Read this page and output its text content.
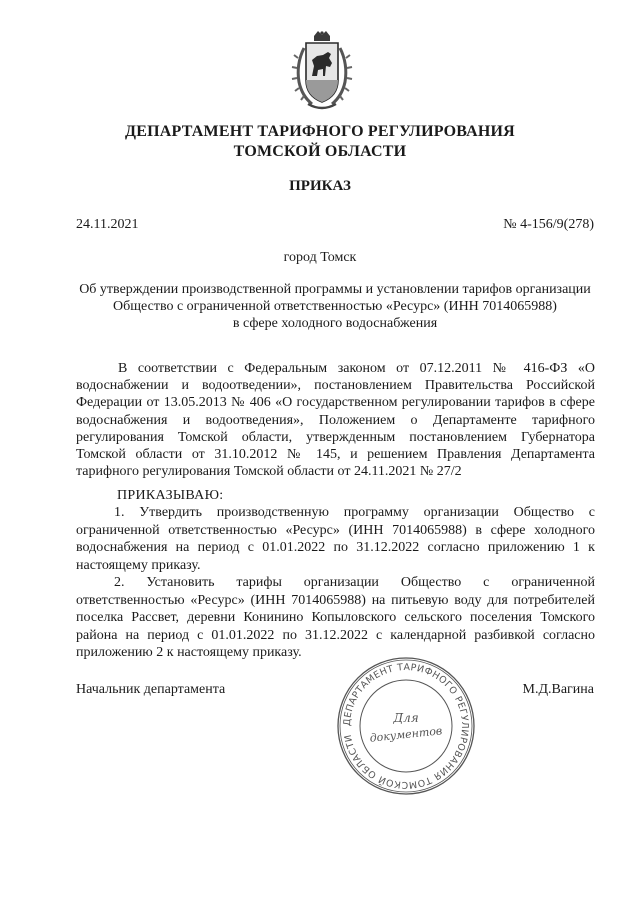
ДЕПАРТАМЕНТ ТАРИФНОГО РЕГУЛИРОВАНИЯ
ТОМСКОЙ ОБЛАСТИ
ПРИКАЗ
24.11.2021	№ 4-156/9(278)
город Томск
Об утверждении производственной программы и установлении тарифов организации
Общество с ограниченной ответственностью «Ресурс» (ИНН 7014065988)
в сфере холодного водоснабжения
В соответствии с Федеральным законом от 07.12.2011 № 416-ФЗ «О водоснабжении и водоотведении», постановлением Правительства Российской Федерации от 13.05.2013 № 406 «О государственном регулировании тарифов в сфере водоснабжения и водоотведения», Положением о Департаменте тарифного регулирования Томской области, утвержденным постановлением Губернатора Томской области от 31.10.2012 № 145, и решением Правления Департамента тарифного регулирования Томской области от 24.11.2021 № 27/2
ПРИКАЗЫВАЮ:
1. Утвердить производственную программу организации Общество с ограниченной ответственностью «Ресурс» (ИНН 7014065988) в сфере холодного водоснабжения на период с 01.01.2022 по 31.12.2022 согласно приложению 1 к настоящему приказу.
2. Установить тарифы организации Общество с ограниченной ответственностью «Ресурс» (ИНН 7014065988) на питьевую воду для потребителей поселка Рассвет, деревни Конинино Копыловского сельского поселения Томского района на период с 01.01.2022 по 31.12.2022 с календарной разбивкой согласно приложению 2 к настоящему приказу.
Начальник департамента	М.Д.Вагина
ДЕПАРТАМЕНТ ТАРИФНОГО РЕГУЛИРОВАНИЯ ТОМСКОЙ ОБЛАСТИ
Для
документов
